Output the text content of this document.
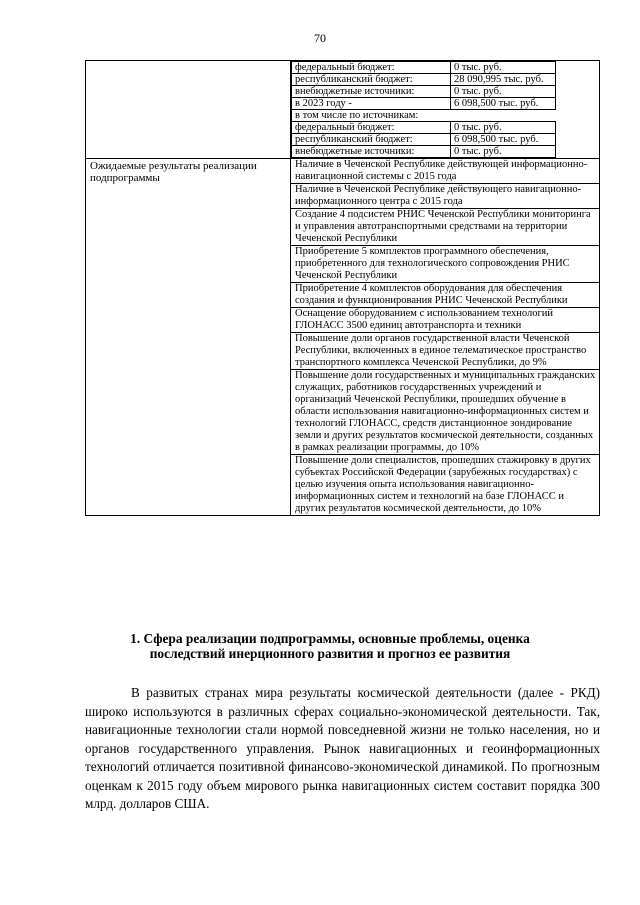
70

федеральный бюджет:	0 тыс. руб.
республиканский бюджет:	28 090,995 тыс. руб.
внебюджетные источники:	0 тыс. руб.
в 2023 году -	6 098,500 тыс. руб.
в том числе по источникам:
федеральный бюджет:	0 тыс. руб.
республиканский бюджет:	6 098,500 тыс. руб.
внебюджетные источники:	0 тыс. руб.

Ожидаемые результаты реализации подпрограммы	Наличие в Чеченской Республике действующей информационно-навигационной системы с 2015 года
Наличие в Чеченской Республике действующего навигационно-информационного центра с 2015 года
Создание 4 подсистем РНИС Чеченской Республики мониторинга и управления автотранспортными средствами на территории Чеченской Республики
Приобретение 5 комплектов программного обеспечения, приобретенного для технологического сопровождения РНИС Чеченской Республики
Приобретение 4 комплектов оборудования для обеспечения создания и функционирования РНИС Чеченской Республики
Оснащение оборудованием с использованием технологий ГЛОНАСС 3500 единиц автотранспорта и техники
Повышение доли органов государственной власти Чеченской Республики, включенных в единое телематическое пространство транспортного комплекса Чеченской Республики, до 9%
Повышение доли государственных и муниципальных гражданских служащих, работников государственных учреждений и организаций Чеченской Республики, прошедших обучение в области использования навигационно-информационных систем и технологий ГЛОНАСС, средств дистанционное зондирование земли и других результатов космической деятельности, созданных в рамках реализации программы, до 10%
Повышение доли специалистов, прошедших стажировку в других субъектах Российской Федерации (зарубежных государствах) с целью изучения опыта использования навигационно-информационных систем и технологий на базе ГЛОНАСС и других результатов космической деятельности, до 10%
1. Сфера реализации подпрограммы, основные проблемы, оценка последствий инерционного развития и прогноз ее развития
В развитых странах мира результаты космической деятельности (далее - РКД) широко используются в различных сферах социально-экономической деятельности. Так, навигационные технологии стали нормой повседневной жизни не только населения, но и органов государственного управления. Рынок навигационных и геоинформационных технологий отличается позитивной финансово-экономической динамикой. По прогнозным оценкам к 2015 году объем мирового рынка навигационных систем составит порядка 300 млрд. долларов США.
